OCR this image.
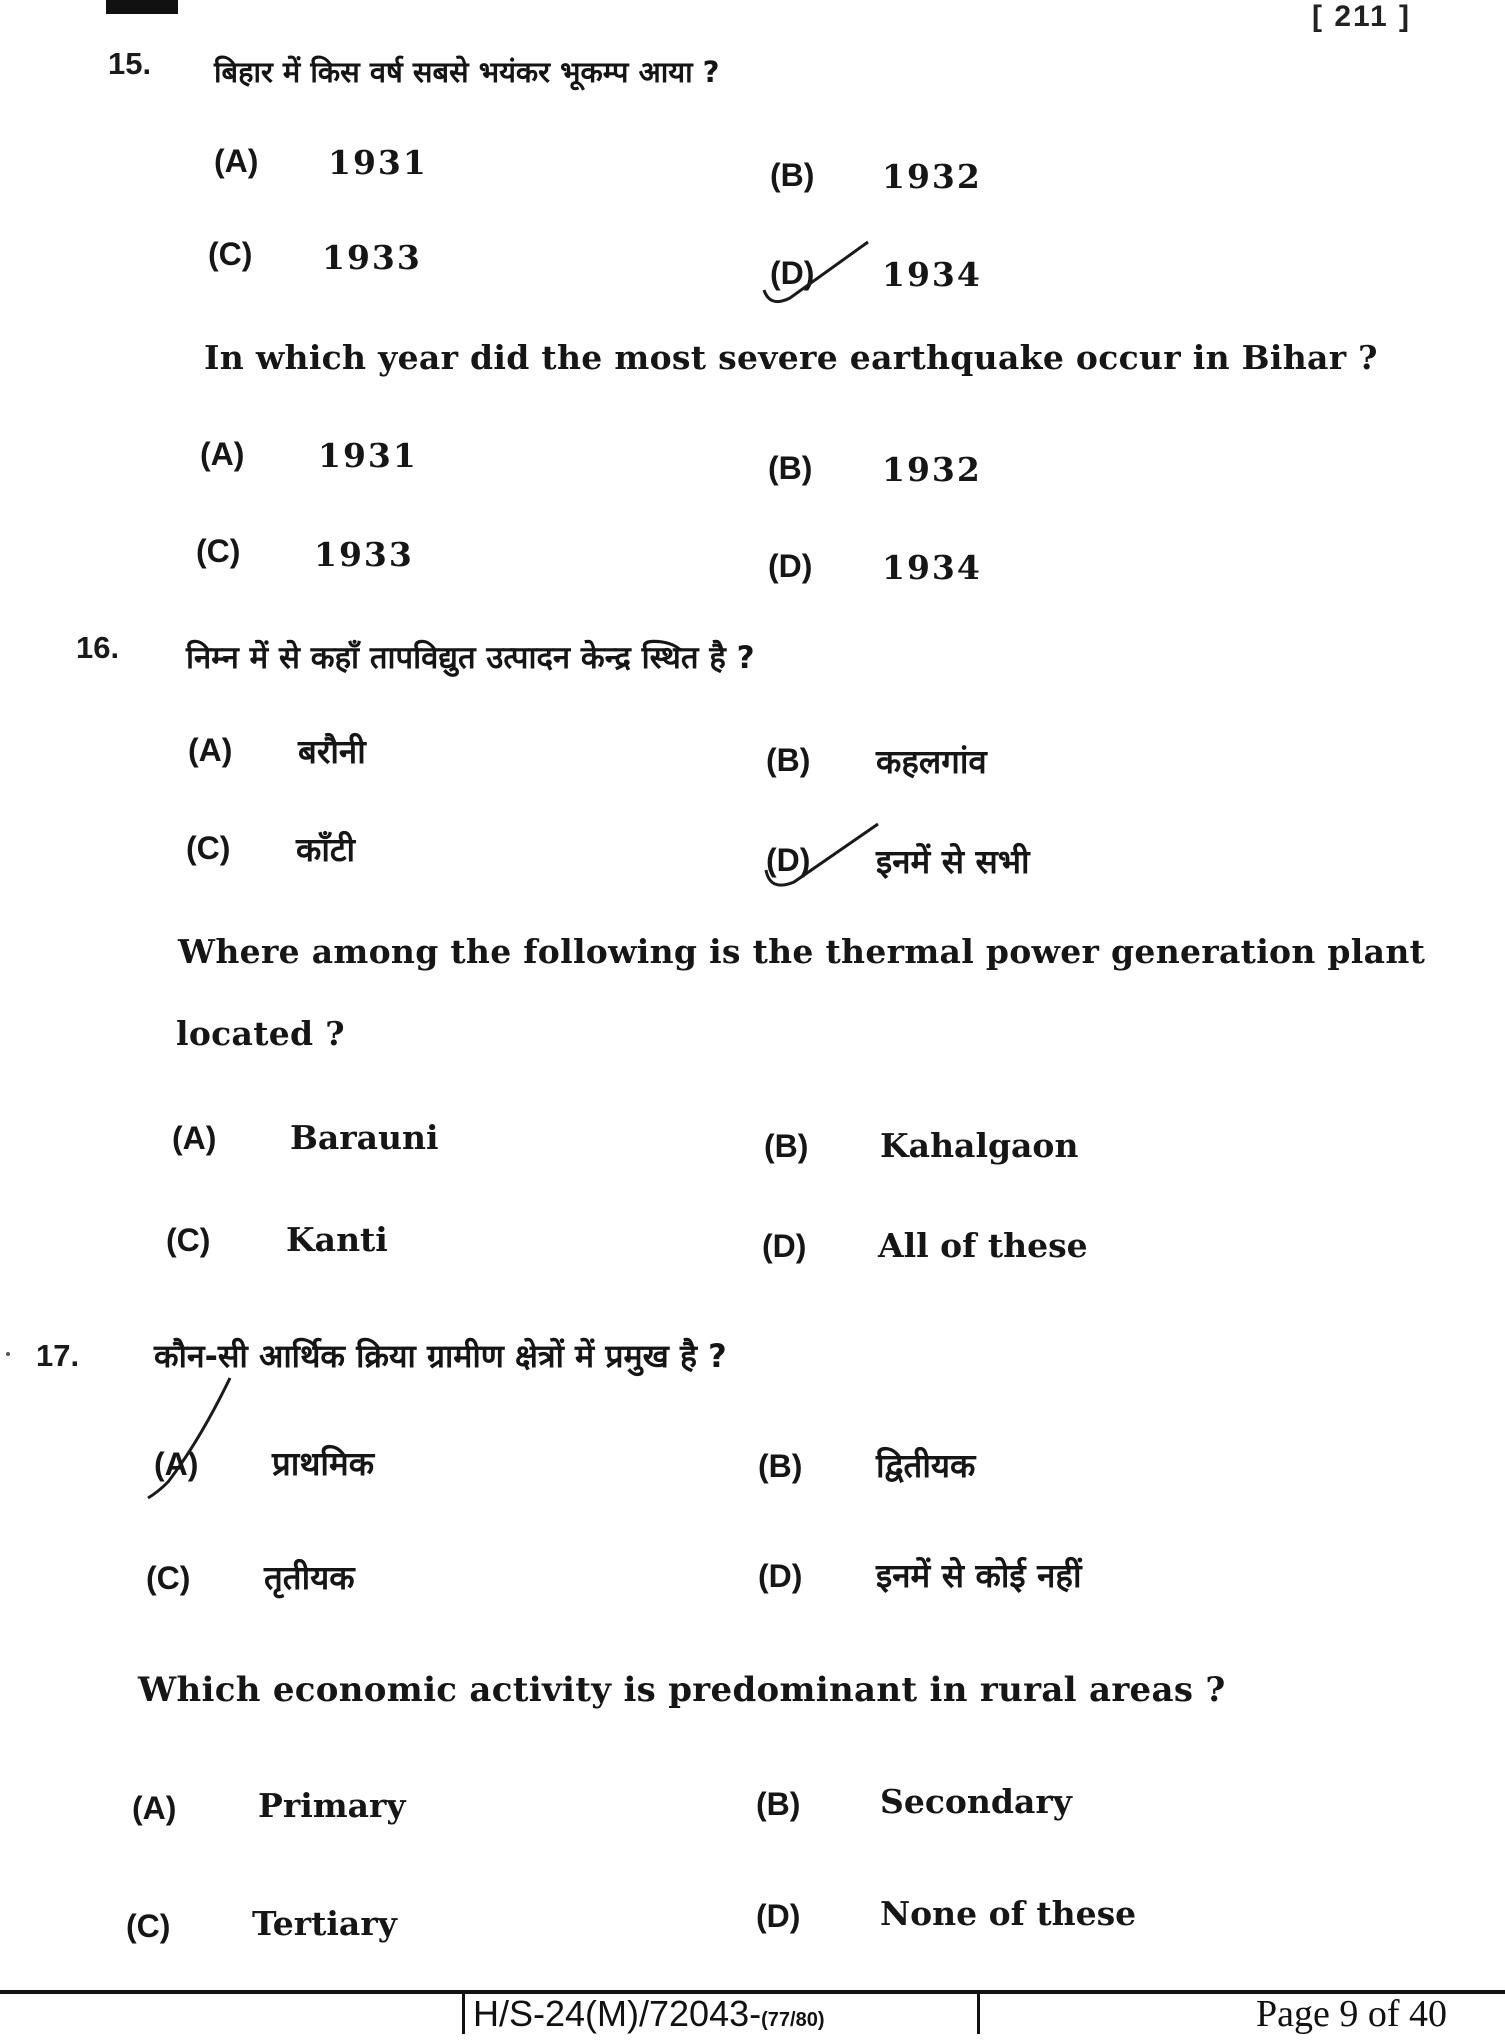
[ 211 ]
15. बिहार में किस वर्ष सबसे भयंकर भूकम्प आया ?
(A) 1931	(B) 1932
(C) 1933	(D) 1934
In which year did the most severe earthquake occur in Bihar ?
(A) 1931	(B) 1932
(C) 1933	(D) 1934
16. निम्न में से कहाँ तापविद्युत उत्पादन केन्द्र स्थित है ?
(A) बरौनी	(B) कहलगांव
(C) काँटी	(D) इनमें से सभी
Where among the following is the thermal power generation plant
located ?
(A) Barauni	(B) Kahalgaon
(C) Kanti	(D) All of these
17. कौन-सी आर्थिक क्रिया ग्रामीण क्षेत्रों में प्रमुख है ?
(A) प्राथमिक	(B) द्वितीयक
(C) तृतीयक	(D) इनमें से कोई नहीं
Which economic activity is predominant in rural areas ?
(A) Primary	(B) Secondary
(C) Tertiary	(D) None of these
H/S-24(M)/72043-(77/80)	Page 9 of 40
